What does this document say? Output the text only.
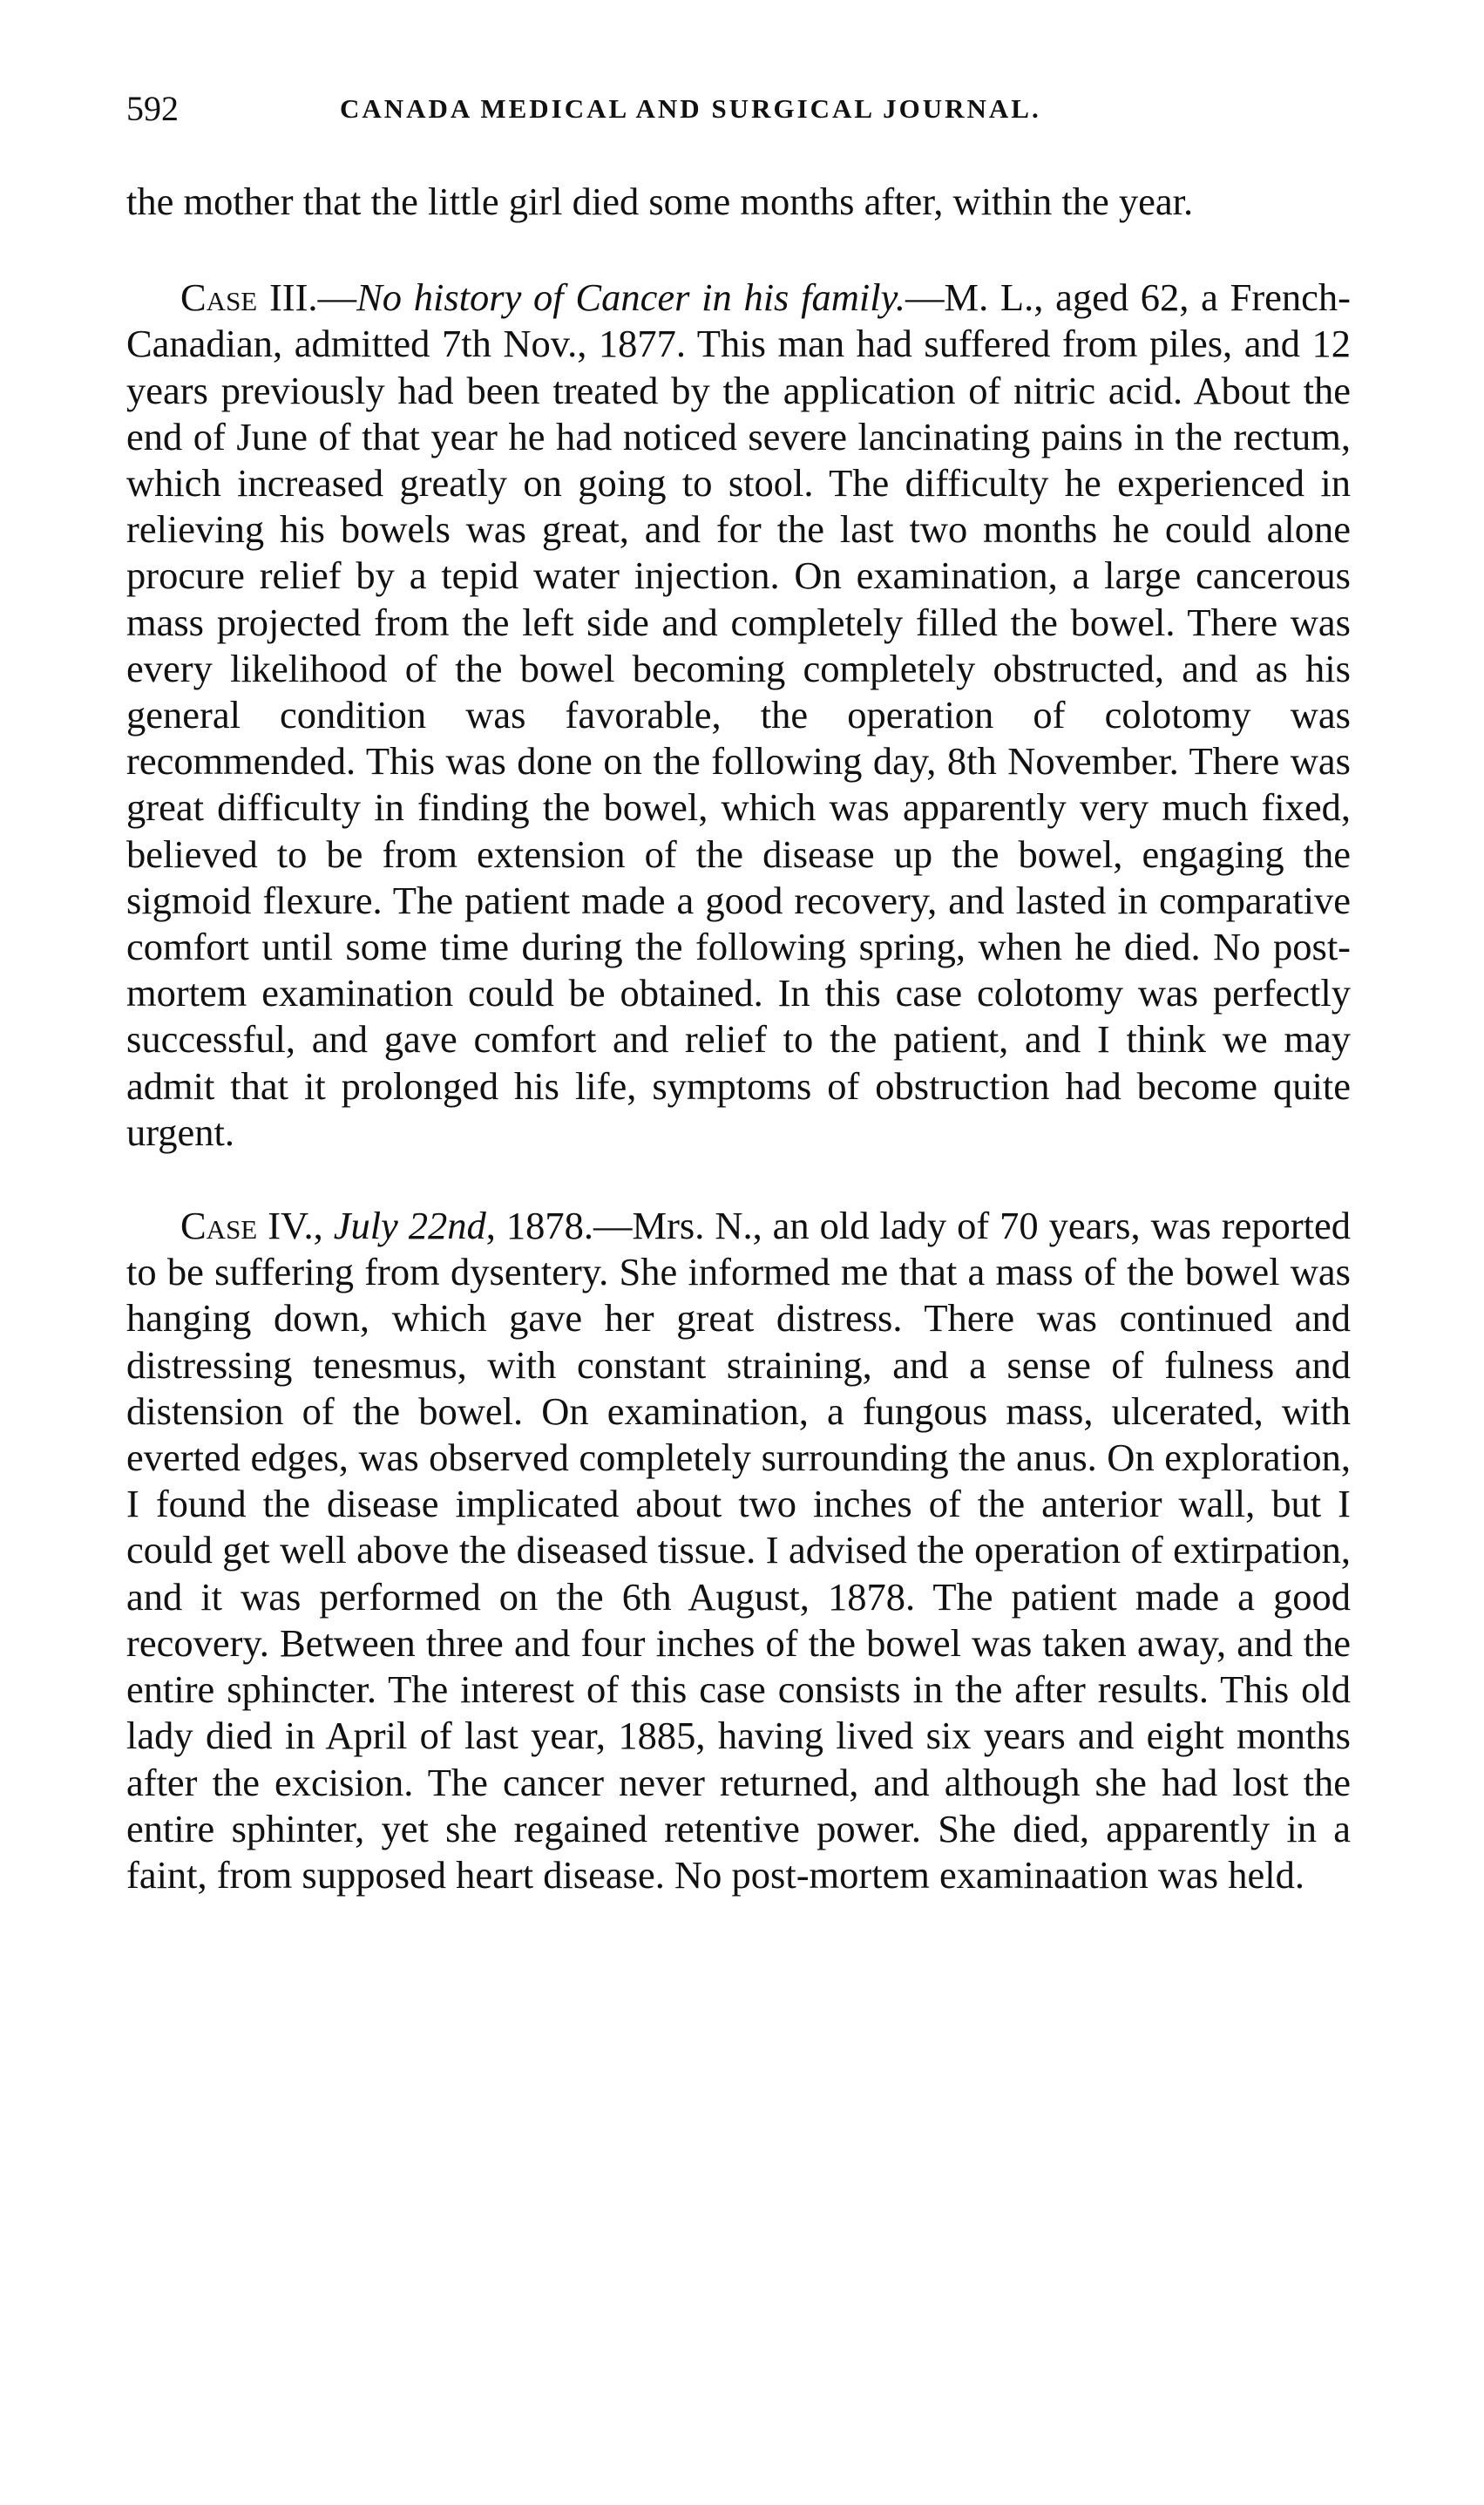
592	CANADA MEDICAL AND SURGICAL JOURNAL.

the mother that the little girl died some months after, within the year.

Case III.—No history of Cancer in his family.—M. L., aged 62, a French-Canadian, admitted 7th Nov., 1877. This man had suffered from piles, and 12 years previously had been treated by the application of nitric acid. About the end of June of that year he had noticed severe lancinating pains in the rectum, which increased greatly on going to stool. The difficulty he experienced in relieving his bowels was great, and for the last two months he could alone procure relief by a tepid water injection. On examination, a large cancerous mass projected from the left side and completely filled the bowel. There was every likelihood of the bowel becoming completely obstructed, and as his general condition was favorable, the operation of colotomy was recommended. This was done on the following day, 8th November. There was great difficulty in finding the bowel, which was apparently very much fixed, believed to be from extension of the disease up the bowel, engaging the sigmoid flexure. The patient made a good recovery, and lasted in comparative comfort until some time during the following spring, when he died. No post-mortem examination could be obtained. In this case colotomy was perfectly successful, and gave comfort and relief to the patient, and I think we may admit that it prolonged his life, symptoms of obstruction had become quite urgent.

Case IV., July 22nd, 1878.—Mrs. N., an old lady of 70 years, was reported to be suffering from dysentery. She informed me that a mass of the bowel was hanging down, which gave her great distress. There was continued and distressing tenesmus, with constant straining, and a sense of fulness and distension of the bowel. On examination, a fungous mass, ulcerated, with everted edges, was observed completely surrounding the anus. On exploration, I found the disease implicated about two inches of the anterior wall, but I could get well above the diseased tissue. I advised the operation of extirpation, and it was performed on the 6th August, 1878. The patient made a good recovery. Between three and four inches of the bowel was taken away, and the entire sphincter. The interest of this case consists in the after results. This old lady died in April of last year, 1885, having lived six years and eight months after the excision. The cancer never returned, and although she had lost the entire sphinter, yet she regained retentive power. She died, apparently in a faint, from supposed heart disease. No post-mortem examinaation was held.
